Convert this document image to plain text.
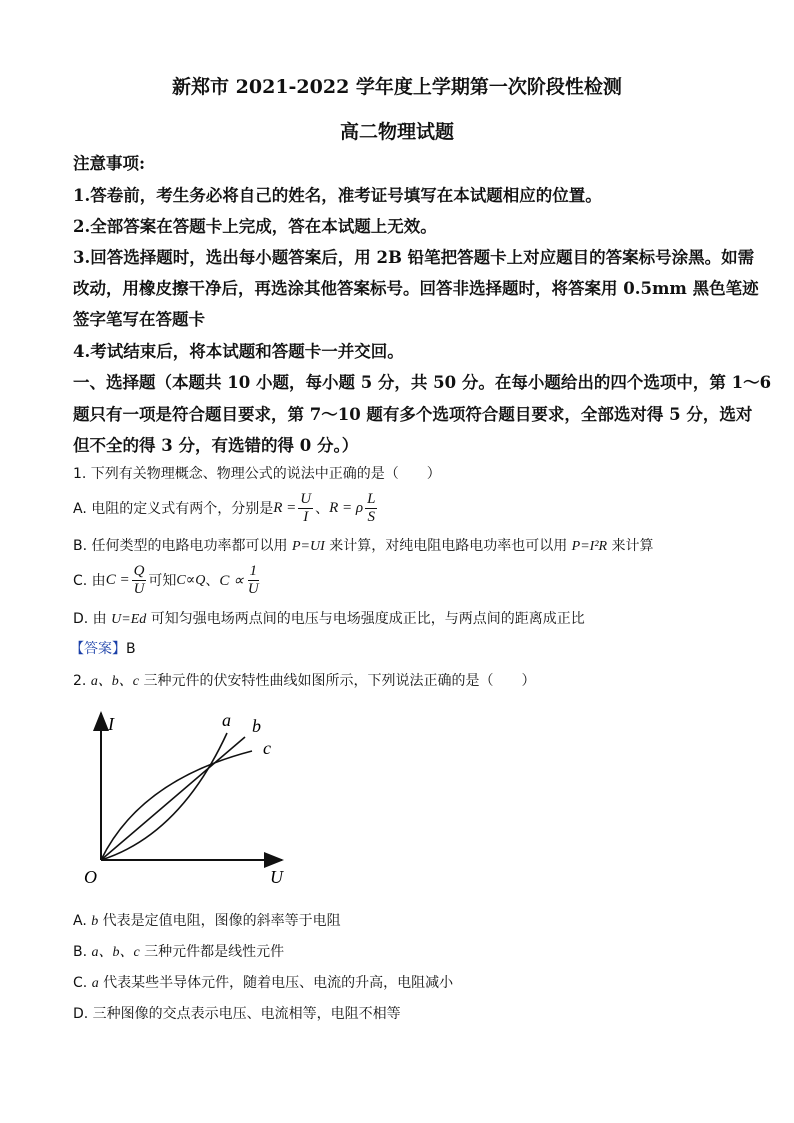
新郑市 2021-2022 学年度上学期第一次阶段性检测
高二物理试题
注意事项:
1.答卷前，考生务必将自己的姓名，准考证号填写在本试题相应的位置。
2.全部答案在答题卡上完成，答在本试题上无效。
3.回答选择题时，选出每小题答案后，用 2B 铅笔把答题卡上对应题目的答案标号涂黑。如需
改动，用橡皮擦干净后，再选涂其他答案标号。回答非选择题时，将答案用 0.5mm 黑色笔迹
签字笔写在答题卡
4.考试结束后，将本试题和答题卡一并交回。
一、选择题（本题共 10 小题，每小题 5 分，共 50 分。在每小题给出的四个选项中，第 1～6
题只有一项是符合题目要求，第 7～10 题有多个选项符合题目要求，全部选对得 5 分，选对
但不全的得 3 分，有选错的得 0 分。）
1. 下列有关物理概念、物理公式的说法中正确的是（　　）
A. 电阻的定义式有两个，分别是 $R = \frac{U}{I}$ 、 R = ρ $\frac{L}{S}$
B. 任何类型的电路电功率都可以用 P=UI 来计算，对纯电阻电路电功率也可以用 P=I²R 来计算
C. 由 $C = \frac{Q}{U}$ 可知 C∝Q 、 $C \propto \frac{1}{U}$
D. 由 U=Ed 可知匀强电场两点间的电压与电场强度成正比，与两点间的距离成正比
【答案】B
2. a、b、c 三种元件的伏安特性曲线如图所示，下列说法正确的是（　　）
I
U
O
a b
c
A. b 代表是定值电阻，图像的斜率等于电阻
B. a、b、c 三种元件都是线性元件
C. a 代表某些半导体元件，随着电压、电流的升高，电阻减小
D. 三种图像的交点表示电压、电流相等，电阻不相等
